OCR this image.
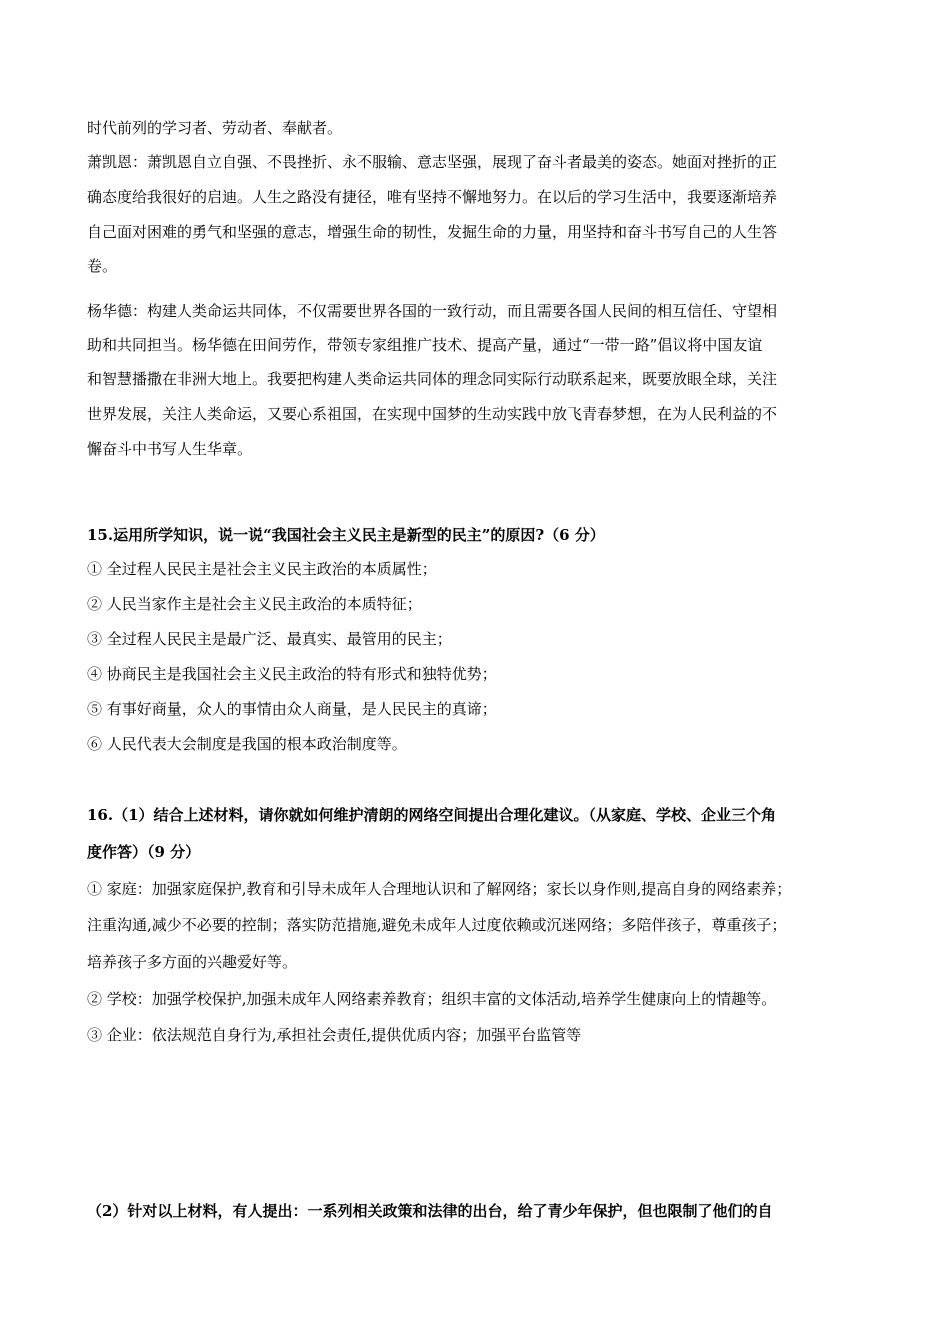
时代前列的学习者、劳动者、奉献者。
萧凯恩：萧凯恩自立自强、不畏挫折、永不服输、意志坚强，展现了奋斗者最美的姿态。她面对挫折的正
确态度给我很好的启迪。人生之路没有捷径，唯有坚持不懈地努力。在以后的学习生活中，我要逐渐培养
自己面对困难的勇气和坚强的意志，增强生命的韧性，发掘生命的力量，用坚持和奋斗书写自己的人生答
卷。
杨华德：构建人类命运共同体，不仅需要世界各国的一致行动，而且需要各国人民间的相互信任、守望相
助和共同担当。杨华德在田间劳作，带领专家组推广技术、提高产量，通过“一带一路”倡议将中国友谊
和智慧播撒在非洲大地上。我要把构建人类命运共同体的理念同实际行动联系起来，既要放眼全球，关注
世界发展，关注人类命运，又要心系祖国，在实现中国梦的生动实践中放飞青春梦想，在为人民利益的不
懈奋斗中书写人生华章。
15.运用所学知识，说一说“我国社会主义民主是新型的民主”的原因?（6 分）
① 全过程人民民主是社会主义民主政治的本质属性；
② 人民当家作主是社会主义民主政治的本质特征；
③ 全过程人民民主是最广泛、最真实、最管用的民主；
④ 协商民主是我国社会主义民主政治的特有形式和独特优势；
⑤ 有事好商量，众人的事情由众人商量，是人民民主的真谛；
⑥ 人民代表大会制度是我国的根本政治制度等。
16.（1）结合上述材料，请你就如何维护清朗的网络空间提出合理化建议。（从家庭、学校、企业三个角
度作答）（9 分）
① 家庭：加强家庭保护,教育和引导未成年人合理地认识和了解网络；家长以身作则,提高自身的网络素养；
注重沟通,减少不必要的控制；落实防范措施,避免未成年人过度依赖或沉迷网络；多陪伴孩子，尊重孩子；
培养孩子多方面的兴趣爱好等。
② 学校：加强学校保护,加强未成年人网络素养教育；组织丰富的文体活动,培养学生健康向上的情趣等。
③ 企业：依法规范自身行为,承担社会责任,提供优质内容；加强平台监管等
（2）针对以上材料，有人提出：一系列相关政策和法律的出台，给了青少年保护，但也限制了他们的自
